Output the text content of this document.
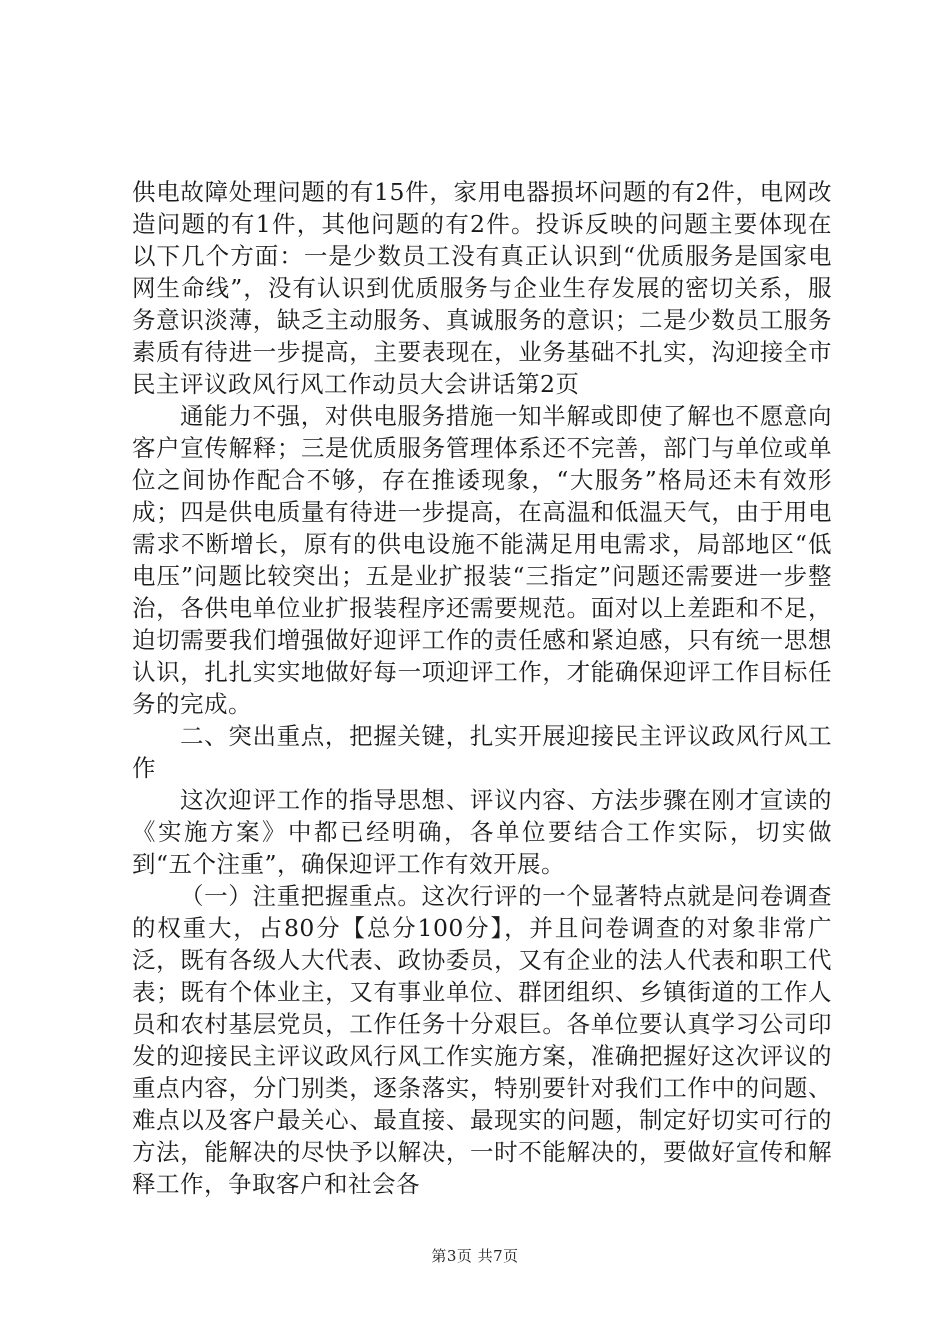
供电故障处理问题的有15件，家用电器损坏问题的有2件，电网改造问题的有1件，其他问题的有2件。投诉反映的问题主要体现在以下几个方面：一是少数员工没有真正认识到“优质服务是国家电网生命线”，没有认识到优质服务与企业生存发展的密切关系，服务意识淡薄，缺乏主动服务、真诚服务的意识；二是少数员工服务素质有待进一步提高，主要表现在，业务基础不扎实，沟迎接全市民主评议政风行风工作动员大会讲话第2页

通能力不强，对供电服务措施一知半解或即使了解也不愿意向客户宣传解释；三是优质服务管理体系还不完善，部门与单位或单位之间协作配合不够，存在推诿现象，“大服务”格局还未有效形成；四是供电质量有待进一步提高，在高温和低温天气，由于用电需求不断增长，原有的供电设施不能满足用电需求，局部地区“低电压”问题比较突出；五是业扩报装“三指定”问题还需要进一步整治，各供电单位业扩报装程序还需要规范。面对以上差距和不足，迫切需要我们增强做好迎评工作的责任感和紧迫感，只有统一思想认识，扎扎实实地做好每一项迎评工作，才能确保迎评工作目标任务的完成。

二、突出重点，把握关键，扎实开展迎接民主评议政风行风工作

这次迎评工作的指导思想、评议内容、方法步骤在刚才宣读的《实施方案》中都已经明确，各单位要结合工作实际，切实做到“五个注重”，确保迎评工作有效开展。

（一）注重把握重点。这次行评的一个显著特点就是问卷调查的权重大，占80分【总分100分】，并且问卷调查的对象非常广泛，既有各级人大代表、政协委员，又有企业的法人代表和职工代表；既有个体业主，又有事业单位、群团组织、乡镇街道的工作人员和农村基层党员，工作任务十分艰巨。各单位要认真学习公司印发的迎接民主评议政风行风工作实施方案，准确把握好这次评议的重点内容，分门别类，逐条落实，特别要针对我们工作中的问题、难点以及客户最关心、最直接、最现实的问题，制定好切实可行的方法，能解决的尽快予以解决，一时不能解决的，要做好宣传和解释工作，争取客户和社会各

第3页 共7页
